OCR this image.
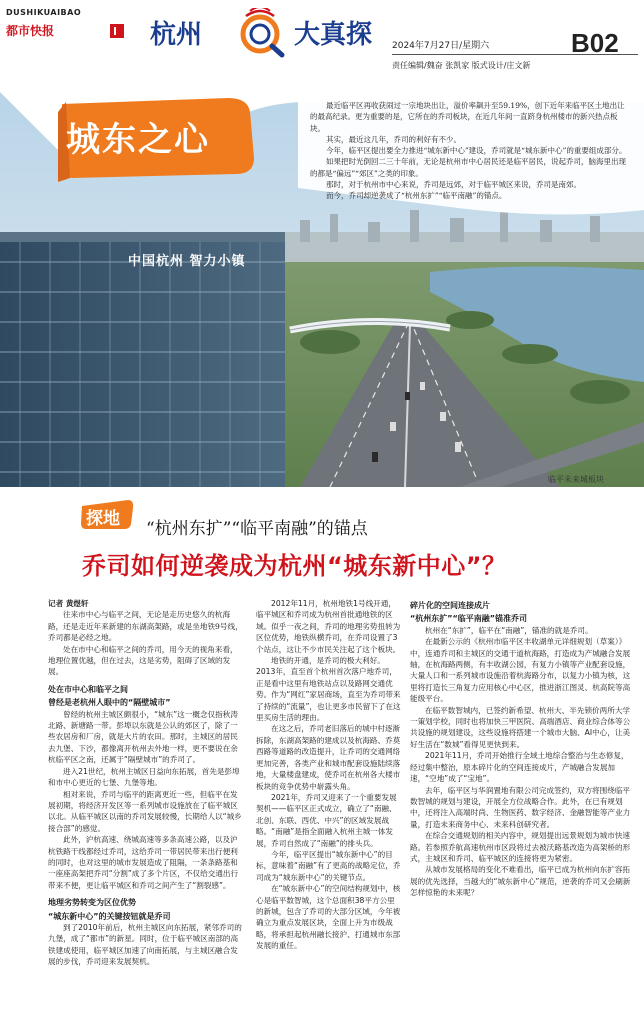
DUSHIKUAIBAO
都市快报	杭州	大真探 2024年7月27日/星期六
责任编辑/魏奋 张凯家 版式设计/庄文新
B02
城东之心

最近临平区再收获闹过一宗地块出让，溢价率飙升至59.19%，创下近年来临平区土地出让的最高纪录。更为重要的是，它所在的乔司板块，在近几年间一直跻身杭州楼市的新兴热点板块。

其实，最近这几年，乔司的利好有不少。

今年，临平区提出要全力推进“城东新中心”建设，乔司就是“城东新中心”的重要组成部分。

如果把时光倒回二三十年前，无论是杭州市中心居民还是临平居民，说起乔司，脑海里出现的都是“偏远”“郊区”之类的印象。

那时，对于杭州市中心来说，乔司是远郊，对于临平城区来说，乔司是南郊。

而今，乔司却逆袭成了“杭州东扩”“临平南融”的锚点。

中国杭州 智力小镇
临平未来城板块
探地 “杭州东扩”“临平南融”的锚点
乔司如何逆袭成为杭州“城东新中心”？
记者 黄煜轩

往来市中心与临平之间，无论是走历史悠久的杭海路，还是走近年来新建的东湖高架路，或是坐地铁9号线，乔司都是必经之地。

处在市中心和临平之间的乔司，用今天的视角来看，地理位置优越，但在过去，这是劣势，阻碍了区域的发展。

处在市中心和临平之间
曾经是老杭州人眼中的“隔壁城市”

曾经的杭州主城区颇很小，“城东”这一概念仅指秋涛北路、新塘路一带。彭埠以东就是公认的郊区了，除了一些农居房和厂房，就是大片的农田。那时，主城区的居民去九堡、下沙，都像离开杭州去外地一样，更不要说在余杭临平区之南，还属于“隔壁城市”的乔司了。

进入21世纪，杭州主城区日益向东拓展，首先是彭埠和市中心更近的七堡、九堡等地。

相对来说，乔司与临平的距离更近一些，但临平在发展初期，将经济开发区等一系列城市设施放在了临平城区以北。从临平城区以南的乔司发展较慢，长期给人以“城乡接合部”的感觉。

此外，沪杭高速、绕城高速等多条高速公路，以及沪杭铁路干线都经过乔司，这给乔司一带居民带来出行便利的同时，也对这里的城市发展造成了阻隔，一条条路基和一座座高架把乔司“分割”成了多个片区，不仅给交通出行带来不便，更让临平城区和乔司之间产生了“割裂感”。

地理劣势转变为区位优势
“城东新中心”的关键按钮就是乔司

到了2010年前后，杭州主城区向东拓展，紧邻乔司的九堡，成了“都市”的新星。同时，位于临平城区南部的高铁建成使用，临平城区加速了向南拓展，与主城区融合发展的步伐，乔司迎来发展契机。

2012年11月，杭州地铁1号线开通，临平城区和乔司成为杭州首批通地铁的区域。似乎一夜之间，乔司的地理劣势扭转为区位优势，地铁纵横乔司，在乔司设置了3个站点，这让不少市民关注起了这个板块。

地铁的开通，是乔司的极大利好。2013年，直至首个杭州首次落户地乔司，正是看中这里有地铁站点以及路网交通优势。作为“网红”家居商场，直至为乔司带来了持续的“流量”，也让更多市民留下了在这里买房生活的理由。

在这之后，乔司老旧落后的城中村逐渐拆除，东湖高架路的建成以及杭海路、乔莫西路等道路的改造提升，让乔司的交通网络更加完善，各类产业和城市配套设施陆续落地，大量楼盘建成，使乔司在杭州各大楼市板块的竞争优势中崭露头角。

2021年，乔司又迎来了一个重要发展契机——临平区正式成立，确立了“南融、北创、东联、西优、中兴”的区域发展战略。“南融”是指全面融入杭州主城一体发展，乔司自然成了“南融”的排头兵。

今年，临平区提出“城东新中心”的目标，意味着“南融”有了更高的战略定位，乔司成为“城东新中心”的关键节点。

在“城东新中心”的空间结构规划中，核心是临平数智城，这个总面积38平方公里的新城，包含了乔司的大部分区域，今年被确立为重点发展区块，全面上升为市级战略，将承担起杭州融长接沪、打通城市东部发展的重任。

碎片化的空间连接成片
“杭州东扩”“临平南融”锚准乔司

杭州在“东扩”，临平在“南融”，锚准的就是乔司。

在最新公示的《杭州市临平区丰收湖单元详细规划（草案）》中，连通乔司和主城区的交通干道杭海路，打造成为产城融合发展轴，在杭海路两侧，有丰收湖公园，有复力小镇等产业配套设施，大量人口和一系列城市设施沿着杭海路分布，以复力小镇为核，这里将打造长三角复力应用核心中心区，推进浙江图灵、杭高院等高能级平台。

在临平数智城内，已签约新希望、杭州大、半先锁价两所大学一策划学校，同时也将加快三甲医院、高端酒店、商业综合体等公共设施的规划建设，这些设施将搭建一个城市大脑、AI中心，让美好生活在“数城”看得见更快到来。

2021年11月，乔司开始推行全域土地综合整治与生态修复，经过集中整治，原本碎片化的空间连接成片，产城融合发展加速，“空地”成了“宝地”。

去年，临平区与华润置地有限公司完成签约，双方将围绕临平数智城的规划与建设，开展全方位战略合作。此外，在已有规划中，还将注入高端时尚、生物医药、数字经济、金融智能等产业力量，打造未来商务中心、未来科创研究者。

在综合交通规划的相关内容中，规划提出远景规划为城市快速路。若参照乔航高速杭州市区段将过去被沃路基改造为高架桥的形式，主城区和乔司、临平城区的连接将更为紧密。

从城市发展格局的变化不难看出，临平已成为杭州向东扩容拓展的优先选择，当越大的“城东新中心”规范，逆袭的乔司又会刷新怎样惊艳的未来呢？
